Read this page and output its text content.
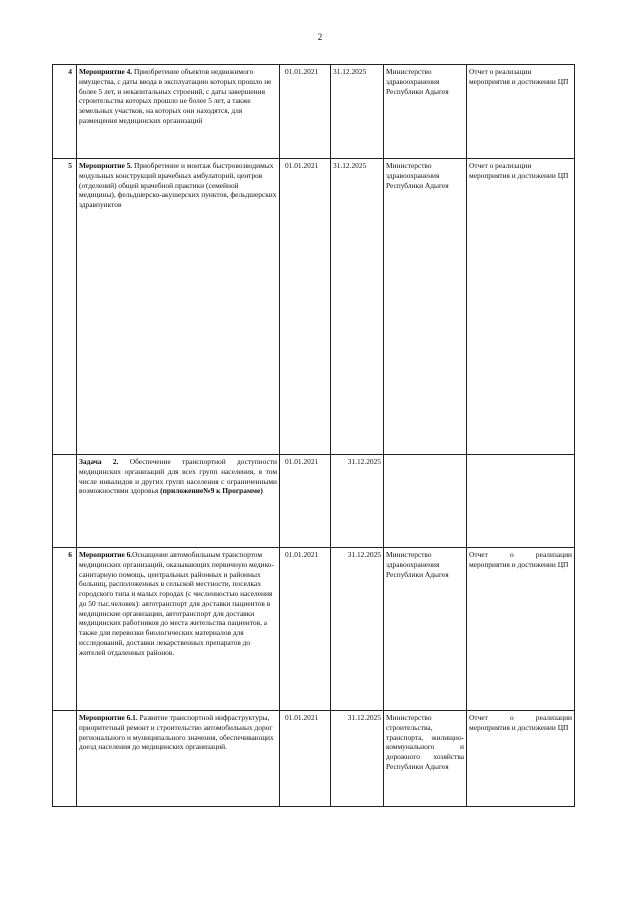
2
4	Мероприятие 4. Приобретение объектов недвижимого имущества, с даты ввода в эксплуатацию которых прошло не более 5 лет, и некапитальных строений, с даты завершения строительства которых прошло не более 5 лет, а также земельных участков, на которых они находятся, для размещения медицинских организаций	01.01.2021	31.12.2025	Министерство здравоохранения Республики Адыгея	Отчет о реализации мероприятия и достижении ЦП
5	Мероприятие 5. Приобретение и монтаж быстровозводимых модульных конструкций врачебных амбулаторий, центров (отделений) общей врачебной практики (семейной медицины), фельдшерско-акушерских пунктов, фельдшерских здравпунктов	01.01.2021	31.12.2025	Министерство здравоохранения Республики Адыгея	Отчет о реализации мероприятия и достижении ЦП
	Задача 2. Обеспечение транспортной доступности медицинских организаций для всех групп населения, в том числе инвалидов и других групп населения с ограниченными возможностями здоровья (приложение№9 к Программе)	01.01.2021	31.12.2025		
6	Мероприятие 6.Оснащение автомобильным транспортом медицинских организаций, оказывающих первичную медико-санитарную помощь, центральных районных и районных больниц, расположенных в сельской местности, поселках городского типа и малых городах (с численностью населения до 50 тыс.человек): автотранспорт для доставки пациентов в медицинские организации, автотранспорт для доставки медицинских работников до места жительства пациентов, а также для перевозки биологических материалов для исследований, доставки лекарственных препаратов до жителей отдаленных районов.	01.01.2021	31.12.2025	Министерство здравоохранения Республики Адыгея	Отчет о реализации мероприятия и достижении ЦП
	Мероприятие 6.1. Развитие транспортной инфраструктуры, приоритетный ремонт и строительство автомобильных дорог регионального и муниципального значения, обеспечивающих доезд населения до медицинских организаций.	01.01.2021	31.12.2025	Министерство строительства, транспорта, жилищно-коммунального и дорожного хозяйства Республики Адыгея	Отчет о реализации мероприятия и достижении ЦП
